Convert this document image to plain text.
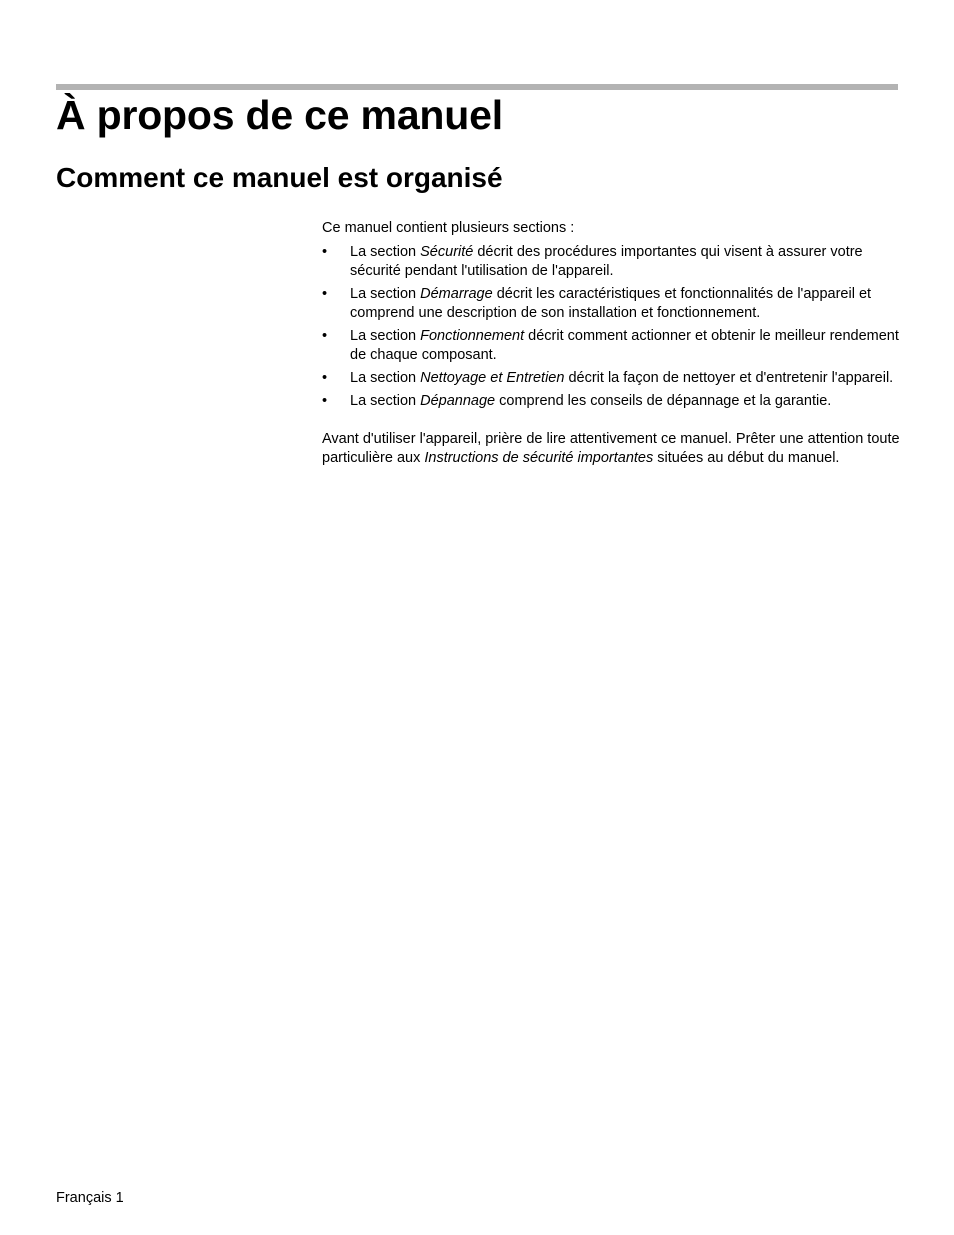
À propos de ce manuel
Comment ce manuel est organisé

Ce manuel contient plusieurs sections :

• La section Sécurité décrit des procédures importantes qui visent à assurer votre sécurité pendant l'utilisation de l'appareil.
• La section Démarrage décrit les caractéristiques et fonctionnalités de l'appareil et comprend une description de son installation et fonctionnement.
• La section Fonctionnement décrit comment actionner et obtenir le meilleur rendement de chaque composant.
• La section Nettoyage et Entretien décrit la façon de nettoyer et d'entretenir l'appareil.
• La section Dépannage comprend les conseils de dépannage et la garantie.

Avant d'utiliser l'appareil, prière de lire attentivement ce manuel. Prêter une attention toute particulière aux Instructions de sécurité importantes situées au début du manuel.

Français 1
